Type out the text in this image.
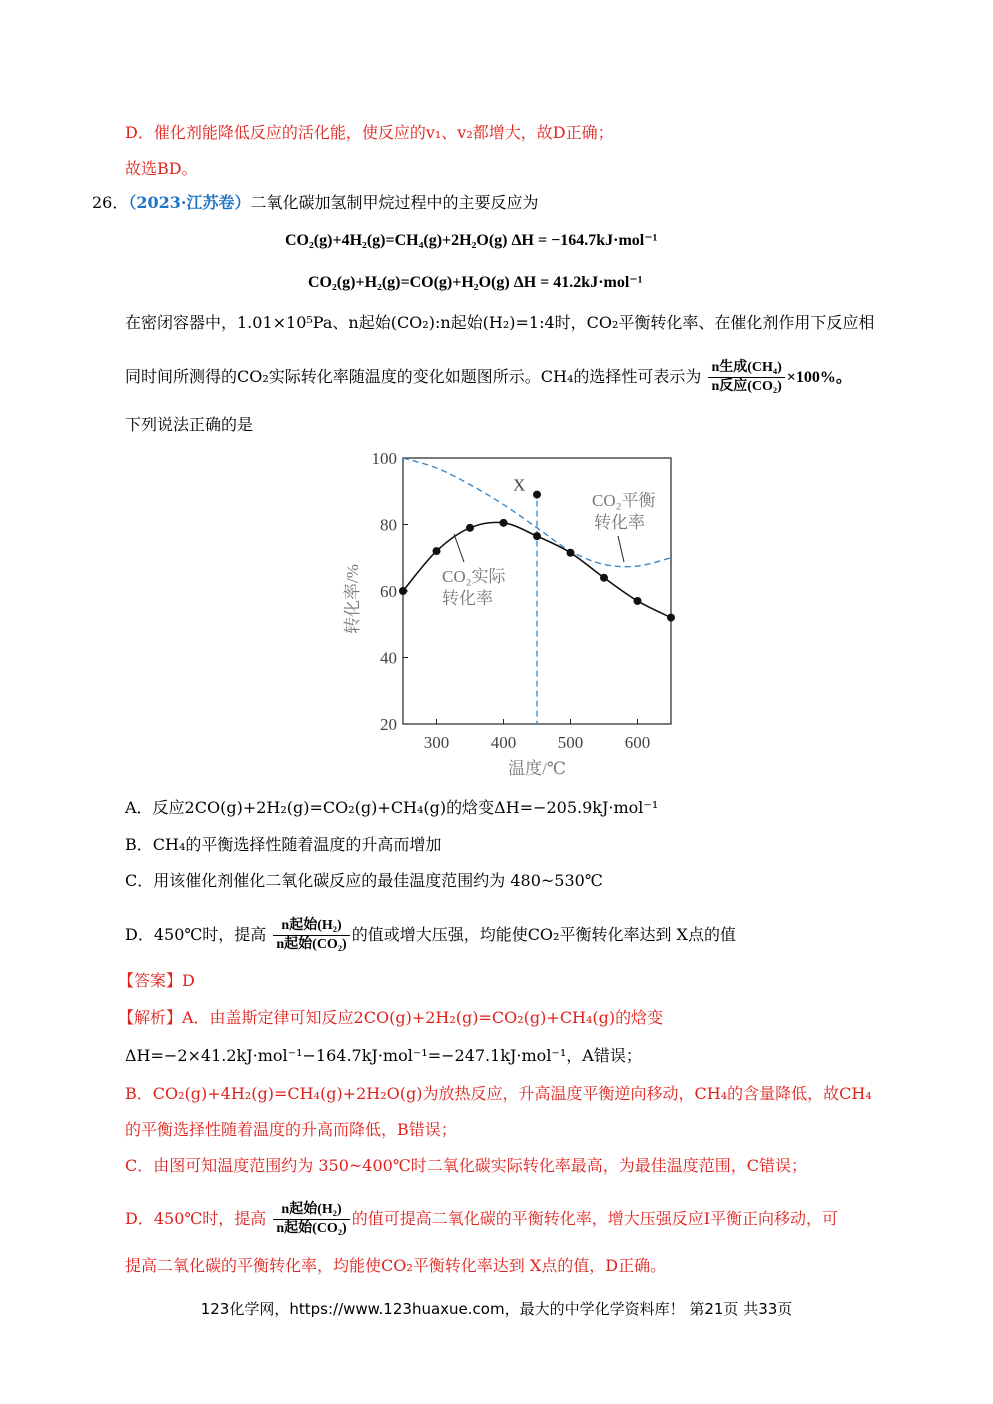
D．催化剂能降低反应的活化能，使反应的v₁、v₂都增大，故D正确；
故选BD。
26．（2023·江苏卷）二氧化碳加氢制甲烷过程中的主要反应为
CO₂(g)+4H₂(g)=CH₄(g)+2H₂O(g) ΔH = −164.7kJ·mol⁻¹
CO₂(g)+H₂(g)=CO(g)+H₂O(g) ΔH = 41.2kJ·mol⁻¹
在密闭容器中，1.01×10⁵Pa、n起始(CO₂):n起始(H₂)=1:4时，CO₂平衡转化率、在催化剂作用下反应相
同时间所测得的CO₂实际转化率随温度的变化如题图所示。CH₄的选择性可表示为 $\frac{\text{n生成(CH₄)}}{\text{n反应(CO₂)}} \times 100\%$。
下列说法正确的是
20
40
60
80
100
300 400 500 600
X
CO₂实际
转化率
CO₂平衡
转化率
转化率/%
温度/℃
A．反应2CO(g)+2H₂(g)=CO₂(g)+CH₄(g)的焓变ΔH=−205.9kJ·mol⁻¹
B．CH₄的平衡选择性随着温度的升高而增加
C．用该催化剂催化二氧化碳反应的最佳温度范围约为 480~530℃
D．450℃时，提高 $\frac{\text{n起始(H₂)}}{\text{n起始(CO₂)}}$ 的值或增大压强，均能使CO₂平衡转化率达到 X点的值
【答案】D
【解析】A．由盖斯定律可知反应2CO(g)+2H₂(g)=CO₂(g)+CH₄(g)的焓变
ΔH=−2×41.2kJ·mol⁻¹−164.7kJ·mol⁻¹=−247.1kJ·mol⁻¹，A错误；
B．CO₂(g)+4H₂(g)=CH₄(g)+2H₂O(g)为放热反应，升高温度平衡逆向移动，CH₄的含量降低，故CH₄
的平衡选择性随着温度的升高而降低，B错误；
C．由图可知温度范围约为 350~400℃时二氧化碳实际转化率最高，为最佳温度范围，C错误；
D．450℃时，提高 $\frac{\text{n起始(H₂)}}{\text{n起始(CO₂)}}$ 的值可提高二氧化碳的平衡转化率，增大压强反应Ⅰ平衡正向移动，可
提高二氧化碳的平衡转化率，均能使CO₂平衡转化率达到 X点的值，D正确。
123化学网，https://www.123huaxue.com，最大的中学化学资料库！ 第21页 共33页
